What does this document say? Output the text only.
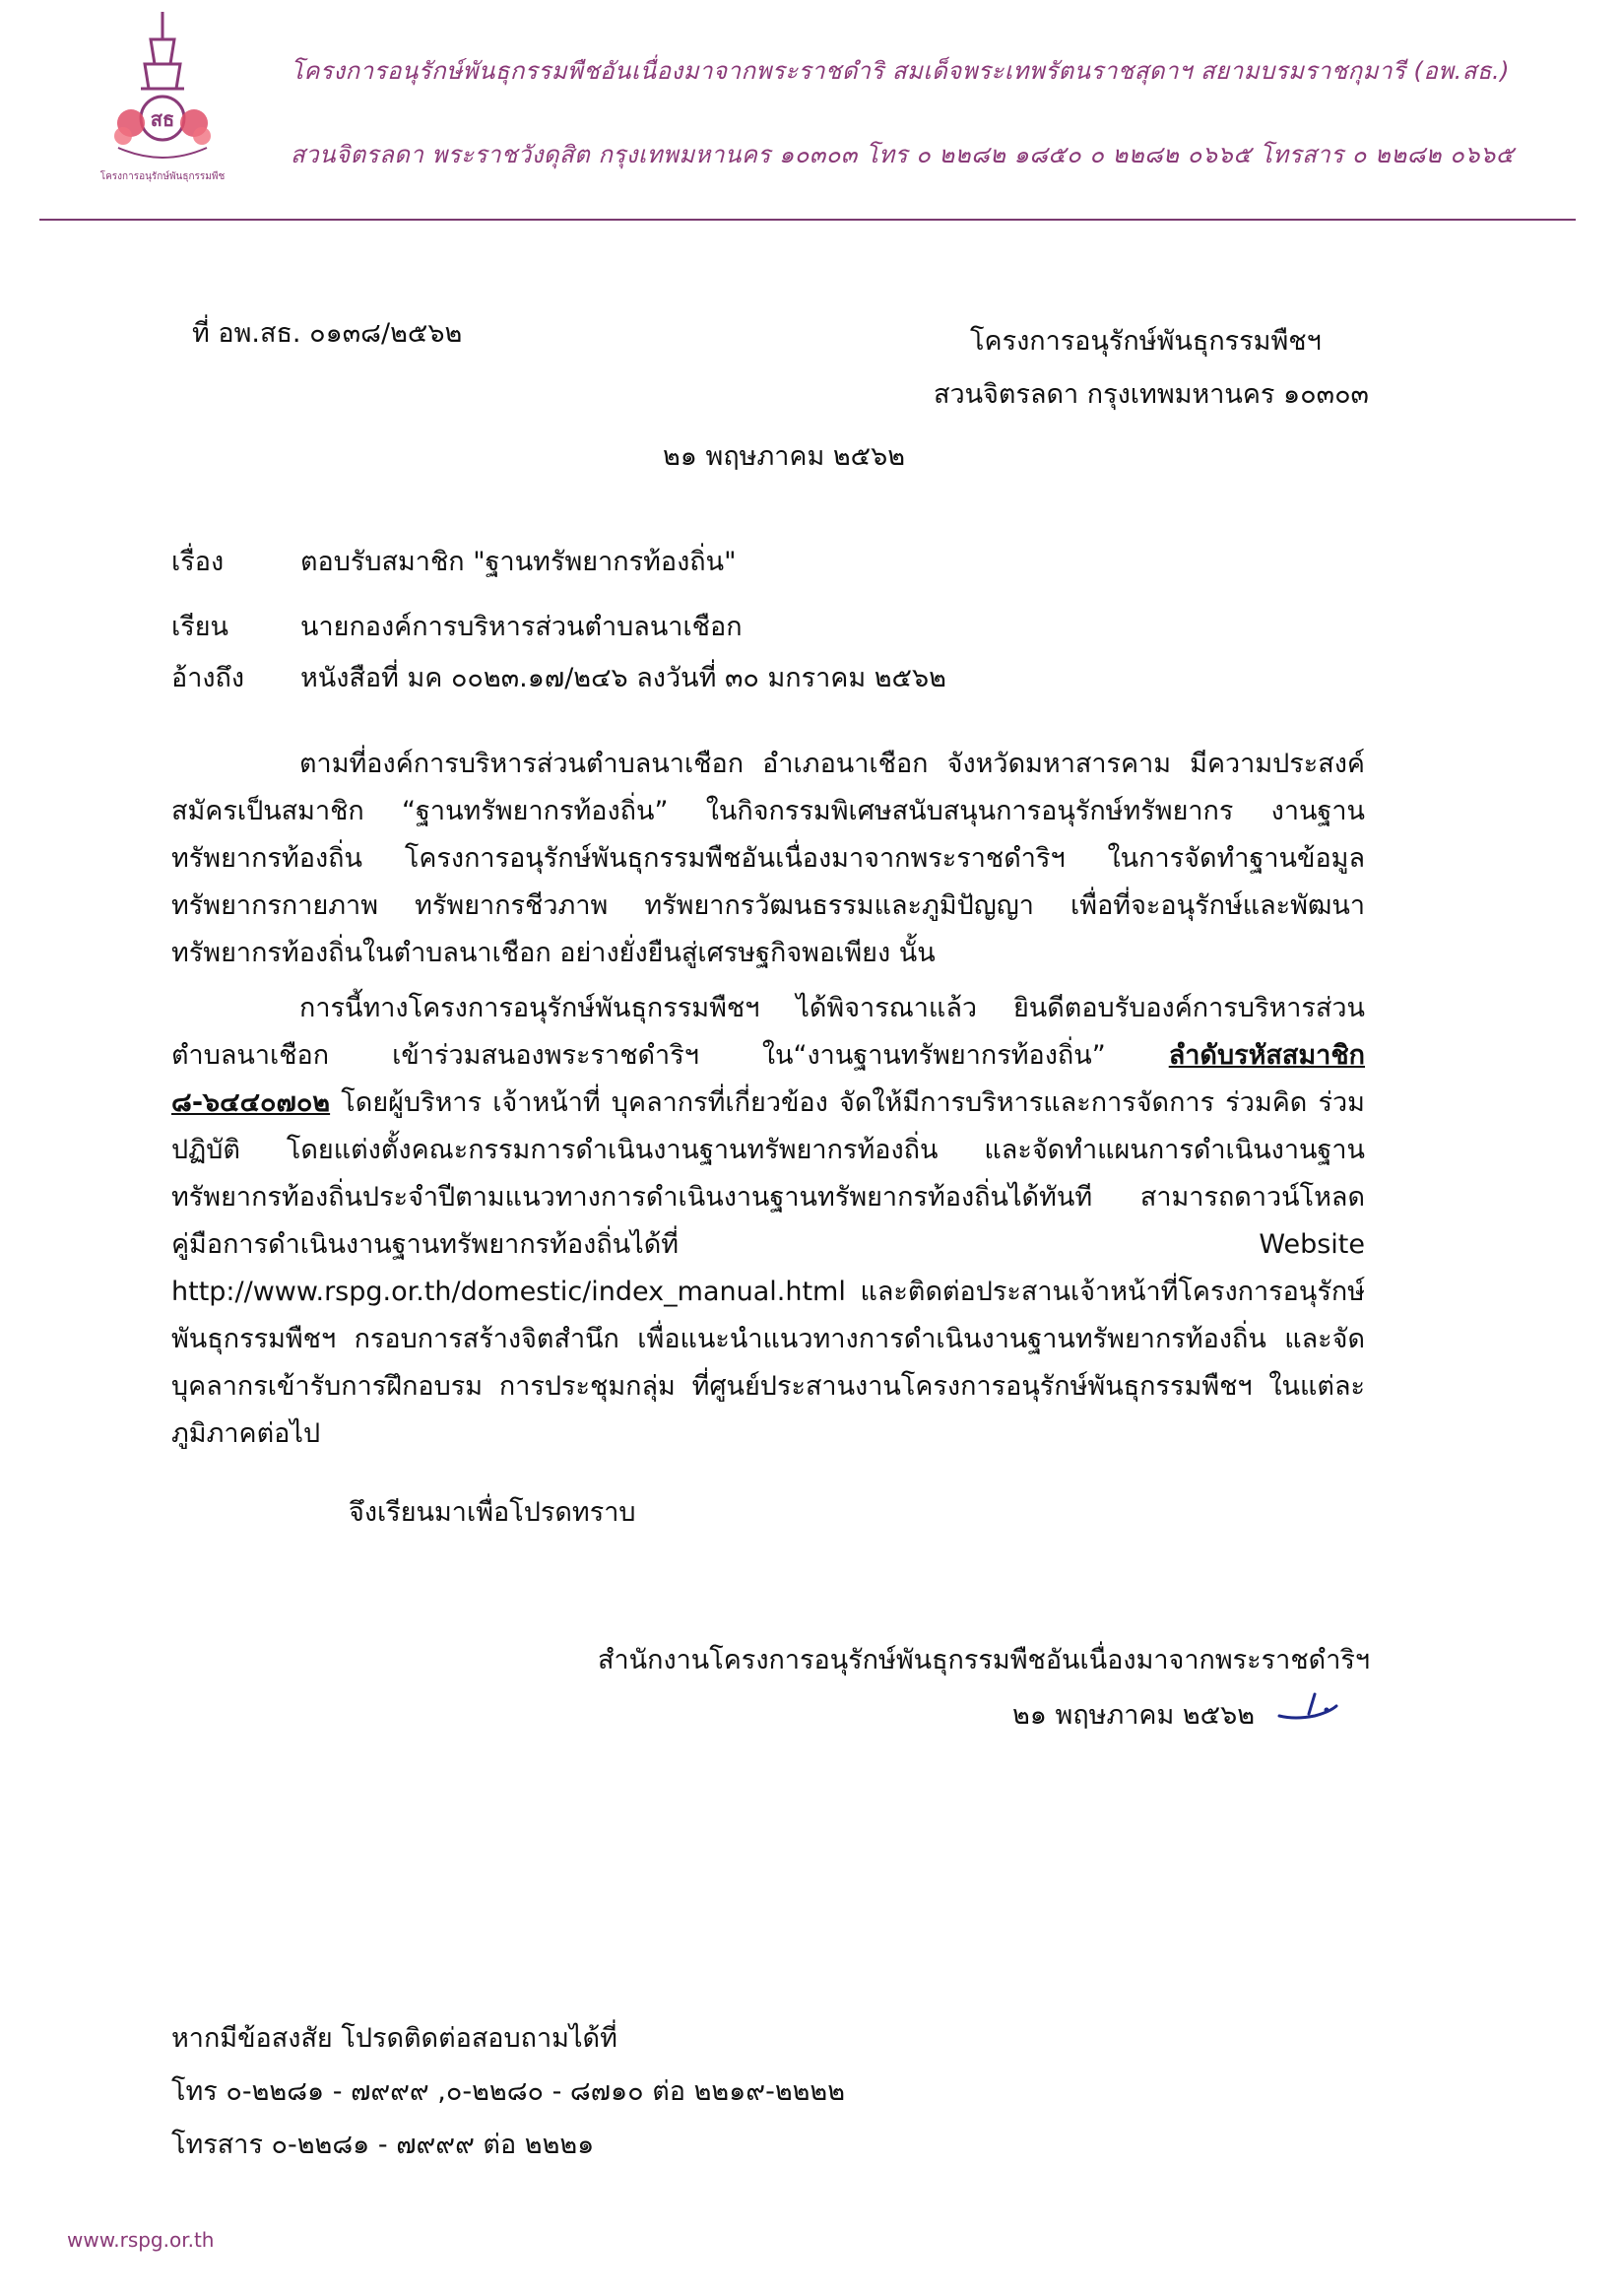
สธ
โครงการอนุรักษ์พันธุกรรมพืช
โครงการอนุรักษ์พันธุกรรมพืชอันเนื่องมาจากพระราชดำริ สมเด็จพระเทพรัตนราชสุดาฯ สยามบรมราชกุมารี (อพ.สธ.)
สวนจิตรลดา พระราชวังดุสิต กรุงเทพมหานคร ๑๐๓๐๓ โทร ๐ ๒๒๘๒ ๑๘๕๐ ๐ ๒๒๘๒ ๐๖๖๕ โทรสาร ๐ ๒๒๘๒ ๐๖๖๕
ที่ อพ.สธ. ๐๑๓๘/๒๕๖๒	โครงการอนุรักษ์พันธุกรรมพืชฯ
สวนจิตรลดา กรุงเทพมหานคร ๑๐๓๐๓
๒๑ พฤษภาคม ๒๕๖๒
เรื่อง	ตอบรับสมาชิก "ฐานทรัพยากรท้องถิ่น"
เรียน	นายกองค์การบริหารส่วนตำบลนาเชือก
อ้างถึง หนังสือที่ มค ๐๐๒๓.๑๗/๒๔๖ ลงวันที่ ๓๐ มกราคม ๒๕๖๒
ตามที่องค์การบริหารส่วนตำบลนาเชือก อำเภอนาเชือก จังหวัดมหาสารคาม มีความประสงค์สมัครเป็นสมาชิก “ฐานทรัพยากรท้องถิ่น” ในกิจกรรมพิเศษสนับสนุนการอนุรักษ์ทรัพยากร งานฐานทรัพยากรท้องถิ่น โครงการอนุรักษ์พันธุกรรมพืชอันเนื่องมาจากพระราชดำริฯ ในการจัดทำฐานข้อมูลทรัพยากรกายภาพ ทรัพยากรชีวภาพ ทรัพยากรวัฒนธรรมและภูมิปัญญา เพื่อที่จะอนุรักษ์และพัฒนาทรัพยากรท้องถิ่นในตำบลนาเชือก อย่างยั่งยืนสู่เศรษฐกิจพอเพียง นั้น
การนี้ทางโครงการอนุรักษ์พันธุกรรมพืชฯ ได้พิจารณาแล้ว ยินดีตอบรับองค์การบริหารส่วนตำบลนาเชือก เข้าร่วมสนองพระราชดำริฯ ใน“งานฐานทรัพยากรท้องถิ่น” ลำดับรหัสสมาชิก ๘-๖๔๔๐๗๐๒ โดยผู้บริหาร เจ้าหน้าที่ บุคลากรที่เกี่ยวข้อง จัดให้มีการบริหารและการจัดการ ร่วมคิด ร่วมปฏิบัติ โดยแต่งตั้งคณะกรรมการดำเนินงานฐานทรัพยากรท้องถิ่น และจัดทำแผนการดำเนินงานฐานทรัพยากรท้องถิ่นประจำปีตามแนวทางการดำเนินงานฐานทรัพยากรท้องถิ่นได้ทันที สามารถดาวน์โหลดคู่มือการดำเนินงานฐานทรัพยากรท้องถิ่นได้ที่ Website http://www.rspg.or.th/domestic/index_manual.html และติดต่อประสานเจ้าหน้าที่โครงการอนุรักษ์พันธุกรรมพืชฯ กรอบการสร้างจิตสำนึก เพื่อแนะนำแนวทางการดำเนินงานฐานทรัพยากรท้องถิ่น และจัดบุคลากรเข้ารับการฝึกอบรม การประชุมกลุ่ม ที่ศูนย์ประสานงานโครงการอนุรักษ์พันธุกรรมพืชฯ ในแต่ละภูมิภาคต่อไป
จึงเรียนมาเพื่อโปรดทราบ
สำนักงานโครงการอนุรักษ์พันธุกรรมพืชอันเนื่องมาจากพระราชดำริฯ
๒๑ พฤษภาคม ๒๕๖๒
หากมีข้อสงสัย โปรดติดต่อสอบถามได้ที่
โทร ๐-๒๒๘๑ - ๗๙๙๙ ,๐-๒๒๘๐ - ๘๗๑๐ ต่อ ๒๒๑๙-๒๒๒๒
โทรสาร ๐-๒๒๘๑ - ๗๙๙๙ ต่อ ๒๒๒๑
www.rspg.or.th
